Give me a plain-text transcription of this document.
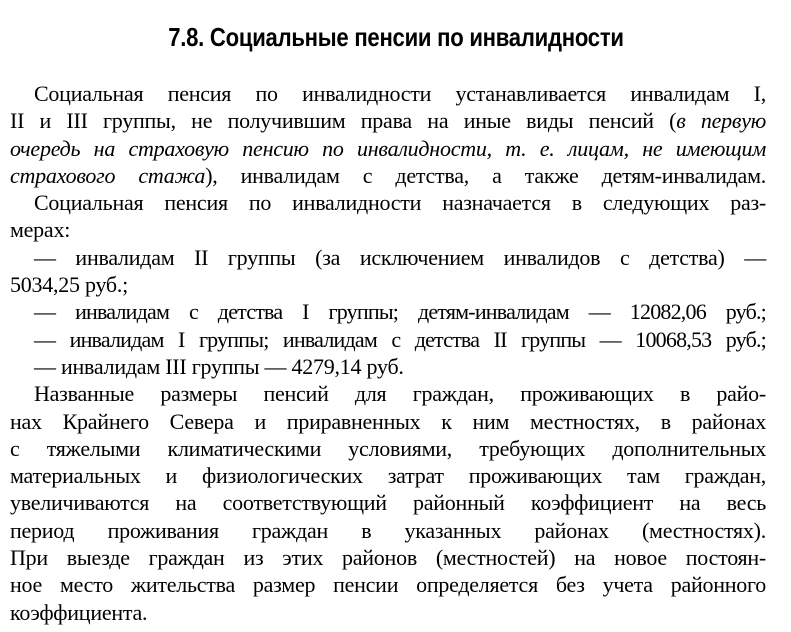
7.8. Социальные пенсии по инвалидности
Социальная пенсия по инвалидности устанавливается инвалидам I,
II и III группы, не получившим права на иные виды пенсий (в первую
очередь на страховую пенсию по инвалидности, т. е. лицам, не имеющим
страхового стажа), инвалидам с детства, а также детям-инвалидам.
Социальная пенсия по инвалидности назначается в следующих раз-
мерах:
— инвалидам II группы (за исключением инвалидов с детства) —
5034,25 руб.;
— инвалидам с детства I группы; детям-инвалидам — 12082,06 руб.;
— инвалидам I группы; инвалидам с детства II группы — 10068,53 руб.;
— инвалидам III группы — 4279,14 руб.
Названные размеры пенсий для граждан, проживающих в райо-
нах Крайнего Севера и приравненных к ним местностях, в районах
с тяжелыми климатическими условиями, требующих дополнительных
материальных и физиологических затрат проживающих там граждан,
увеличиваются на соответствующий районный коэффициент на весь
период проживания граждан в указанных районах (местностях).
При выезде граждан из этих районов (местностей) на новое постоян-
ное место жительства размер пенсии определяется без учета районного
коэффициента.
